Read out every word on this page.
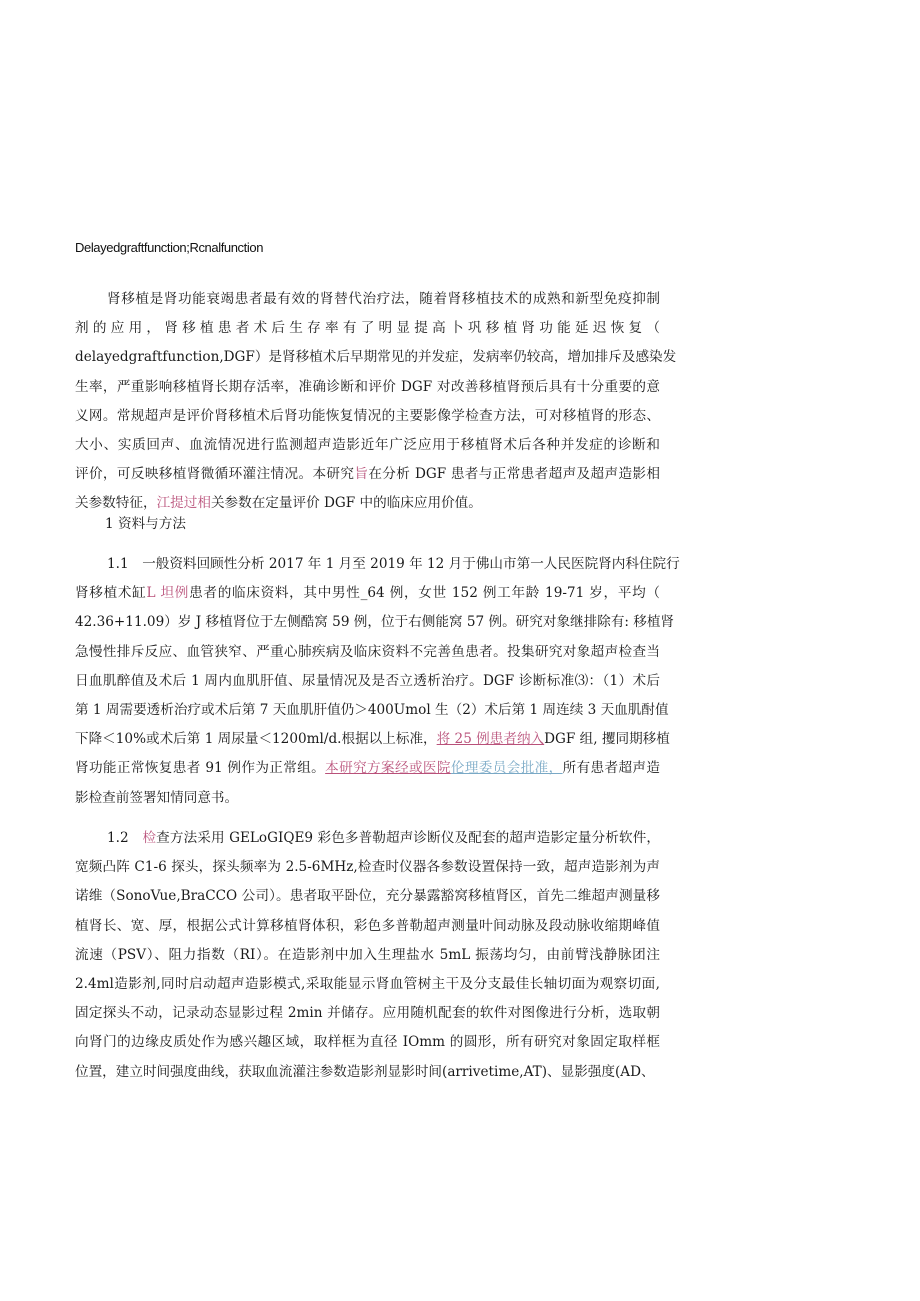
Delayedgraftfunction;Rcnalfunction
肾移植是肾功能衰竭患者最有效的肾替代治疗法，随着肾移植技术的成熟和新型免疫抑制
剂的应用，肾移植患者术后生存率有了明显提高卜巩移植肾功能延迟恢复（
delayedgraftfunction,DGF）是肾移植术后早期常见的并发症，发病率仍较高，增加排斥及感染发
生率，严重影响移植肾长期存活率，准确诊断和评价 DGF 对改善移植肾预后具有十分重要的意
义网。常规超声是评价肾移植术后肾功能恢复情况的主要影像学检查方法，可对移植肾的形态、
大小、实质回声、血流情况进行监测超声造影近年广泛应用于移植肾术后各种并发症的诊断和
评价，可反映移植肾微循环灌注情况。本研究旨在分析 DGF 患者与正常患者超声及超声造影相
关参数特征，江提过相关参数在定量评价 DGF 中的临床应用价值。
1 资料与方法
1.1　一般资料回顾性分析 2017 年 1 月至 2019 年 12 月于佛山市第一人民医院肾内科住院行
肾移植术缸L 坦例患者的临床资料，其中男性_64 例，女世 152 例工年龄 19-71 岁，平均（
42.36+11.09）岁 J 移植肾位于左侧酷窝 59 例，位于右侧能窝 57 例。研究对象继排除有: 移植肾
急慢性排斥反应、血管狭窄、严重心肺疾病及临床资料不完善鱼患者。投集研究对象超声检查当
日血肌醉值及术后 1 周内血肌肝值、尿量情况及是否立透析治疗。DGF 诊断标准⑶：（1）术后
第 1 周需要透析治疗或术后第 7 天血肌肝值仍＞400Umol 生（2）术后第 1 周连续 3 天血肌酎值
下降＜10%或术后第 1 周尿量＜1200ml/d.根据以上标准，将 25 例患者纳入DGF 组, 攫同期移植
肾功能正常恢复患者 91 例作为正常组。本研究方案经或医院伦理委员会批准，所有患者超声造
影检查前签署知情同意书。
1.2　检查方法采用 GELoGIQE9 彩色多普勒超声诊断仪及配套的超声造影定量分析软件，
宽频凸阵 C1-6 探头，探头频率为 2.5-6MHz,检查时仪器各参数设置保持一致，超声造影剂为声
诺维（SonoVue,BraCCO 公司）。患者取平卧位，充分暴露豁窝移植肾区，首先二维超声测量移
植肾长、宽、厚，根据公式计算移植肾体积，彩色多普勒超声测量叶间动脉及段动脉收缩期峰值
流速（PSV）、阻力指数（RI）。在造影剂中加入生理盐水 5mL 振荡均匀，由前臂浅静脉团注
2.4ml造影剂,同时启动超声造影模式,采取能显示肾血管树主干及分支最佳长轴切面为观察切面,
固定探头不动，记录动态显影过程 2min 并储存。应用随机配套的软件对图像进行分析，选取朝
向肾门的边缘皮质处作为感兴趣区域，取样框为直径 IOmm 的圆形，所有研究对象固定取样框
位置，建立时间强度曲线，获取血流灌注参数造影剂显影时间(arrivetime,AT)、显影强度(AD、
